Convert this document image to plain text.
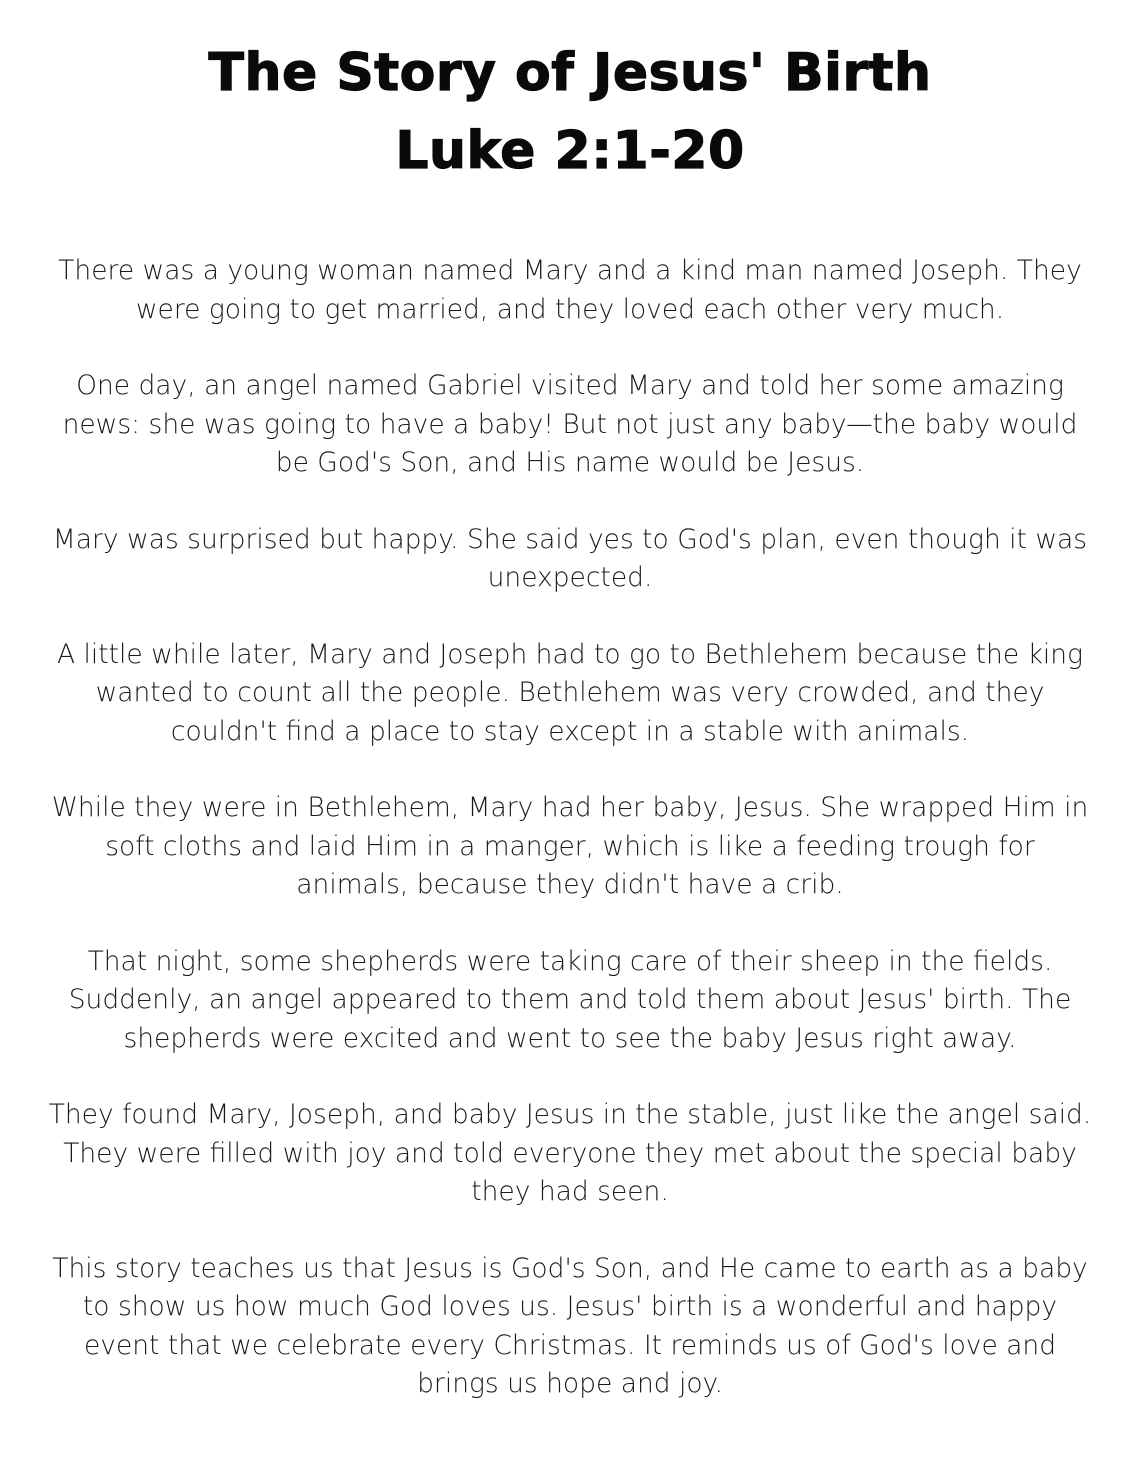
The Story of Jesus' Birth
Luke 2:1-20

There was a young woman named Mary and a kind man named Joseph. They were going to get married, and they loved each other very much.

One day, an angel named Gabriel visited Mary and told her some amazing news: she was going to have a baby! But not just any baby—the baby would be God's Son, and His name would be Jesus.

Mary was surprised but happy. She said yes to God's plan, even though it was unexpected.

A little while later, Mary and Joseph had to go to Bethlehem because the king wanted to count all the people. Bethlehem was very crowded, and they couldn't find a place to stay except in a stable with animals.

While they were in Bethlehem, Mary had her baby, Jesus. She wrapped Him in soft cloths and laid Him in a manger, which is like a feeding trough for animals, because they didn't have a crib.

That night, some shepherds were taking care of their sheep in the fields. Suddenly, an angel appeared to them and told them about Jesus' birth. The shepherds were excited and went to see the baby Jesus right away.

They found Mary, Joseph, and baby Jesus in the stable, just like the angel said. They were filled with joy and told everyone they met about the special baby they had seen.

This story teaches us that Jesus is God's Son, and He came to earth as a baby to show us how much God loves us. Jesus' birth is a wonderful and happy event that we celebrate every Christmas. It reminds us of God's love and brings us hope and joy.
